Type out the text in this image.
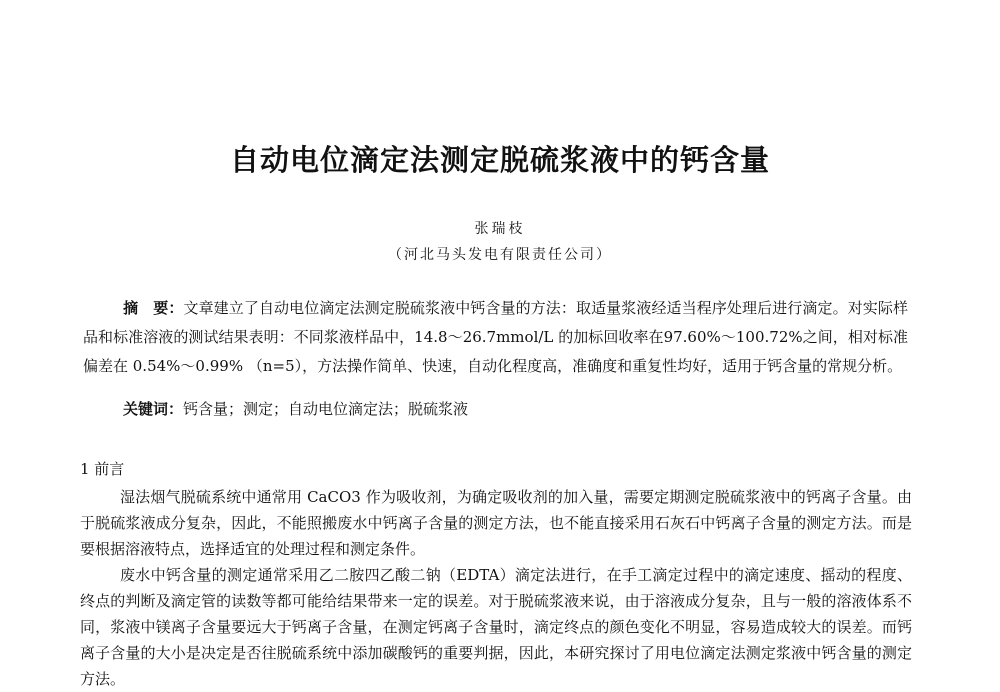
自动电位滴定法测定脱硫浆液中的钙含量
张瑞枝
（河北马头发电有限责任公司）
摘　要：文章建立了自动电位滴定法测定脱硫浆液中钙含量的方法：取适量浆液经适当程序处理后进行滴定。对实际样品和标准溶液的测试结果表明：不同浆液样品中，14.8～26.7mmol/L 的加标回收率在97.60%～100.72%之间，相对标准偏差在 0.54%～0.99% （n=5），方法操作简单、快速，自动化程度高，准确度和重复性均好，适用于钙含量的常规分析。
关键词：钙含量；测定；自动电位滴定法；脱硫浆液
1 前言

湿法烟气脱硫系统中通常用 CaCO3 作为吸收剂，为确定吸收剂的加入量，需要定期测定脱硫浆液中的钙离子含量。由于脱硫浆液成分复杂，因此，不能照搬废水中钙离子含量的测定方法，也不能直接采用石灰石中钙离子含量的测定方法。而是要根据溶液特点，选择适宜的处理过程和测定条件。

废水中钙含量的测定通常采用乙二胺四乙酸二钠（EDTA）滴定法进行，在手工滴定过程中的滴定速度、摇动的程度、终点的判断及滴定管的读数等都可能给结果带来一定的误差。对于脱硫浆液来说，由于溶液成分复杂，且与一般的溶液体系不同，浆液中镁离子含量要远大于钙离子含量，在测定钙离子含量时，滴定终点的颜色变化不明显，容易造成较大的误差。而钙离子含量的大小是决定是否往脱硫系统中添加碳酸钙的重要判据，因此，本研究探讨了用电位滴定法测定浆液中钙含量的测定方法。
